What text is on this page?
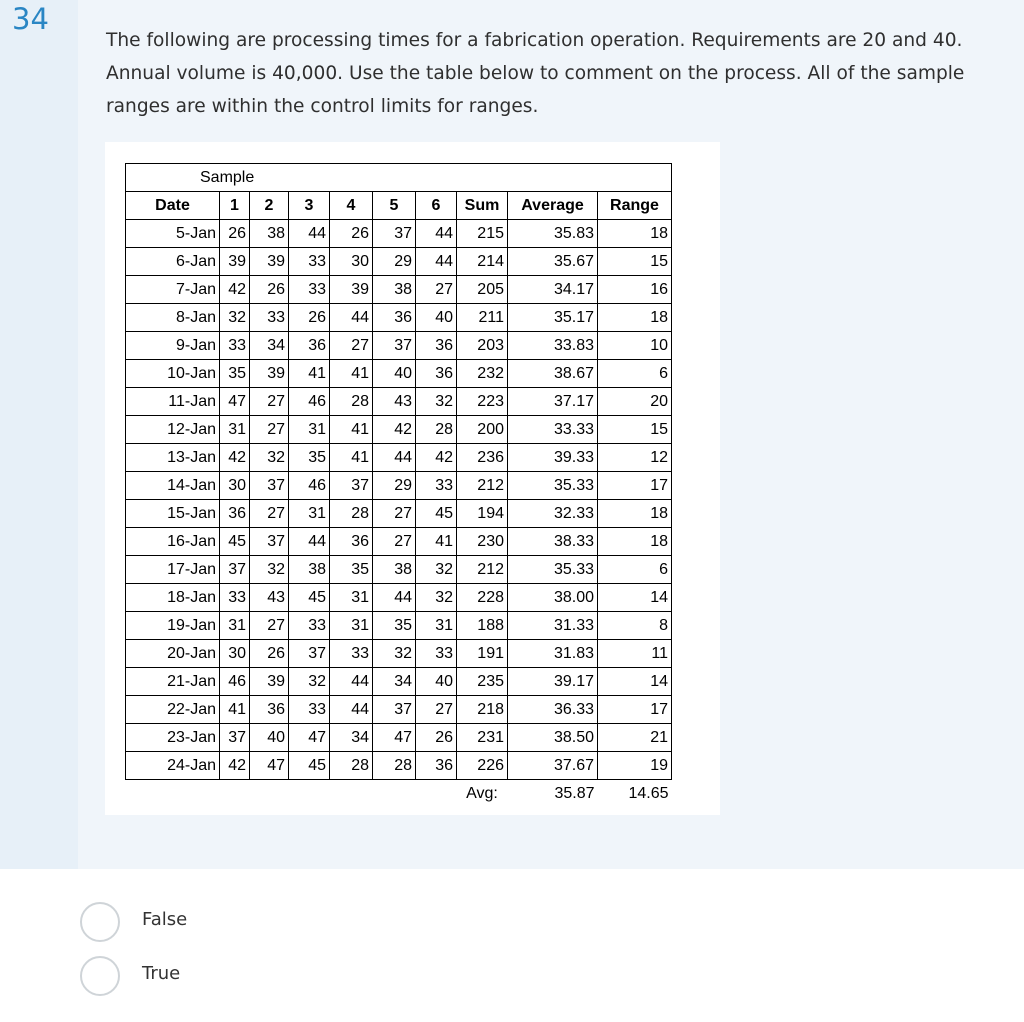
34
The following are processing times for a fabrication operation. Requirements are 20 and 40. Annual volume is 40,000. Use the table below to comment on the process. All of the sample ranges are within the control limits for ranges.
Sample									
Date	1	2	3	4	5	6	Sum	Average	Range
5-Jan	26	38	44	26	37	44	215	35.83	18
6-Jan	39	39	33	30	29	44	214	35.67	15
7-Jan	42	26	33	39	38	27	205	34.17	16
8-Jan	32	33	26	44	36	40	211	35.17	18
9-Jan	33	34	36	27	37	36	203	33.83	10
10-Jan	35	39	41	41	40	36	232	38.67	6
11-Jan	47	27	46	28	43	32	223	37.17	20
12-Jan	31	27	31	41	42	28	200	33.33	15
13-Jan	42	32	35	41	44	42	236	39.33	12
14-Jan	30	37	46	37	29	33	212	35.33	17
15-Jan	36	27	31	28	27	45	194	32.33	18
16-Jan	45	37	44	36	27	41	230	38.33	18
17-Jan	37	32	38	35	38	32	212	35.33	6
18-Jan	33	43	45	31	44	32	228	38.00	14
19-Jan	31	27	33	31	35	31	188	31.33	8
20-Jan	30	26	37	33	32	33	191	31.83	11
21-Jan	46	39	32	44	34	40	235	39.17	14
22-Jan	41	36	33	44	37	27	218	36.33	17
23-Jan	37	40	47	34	47	26	231	38.50	21
24-Jan	42	47	45	28	28	36	226	37.67	19
							Avg:	35.87	14.65
False
True
